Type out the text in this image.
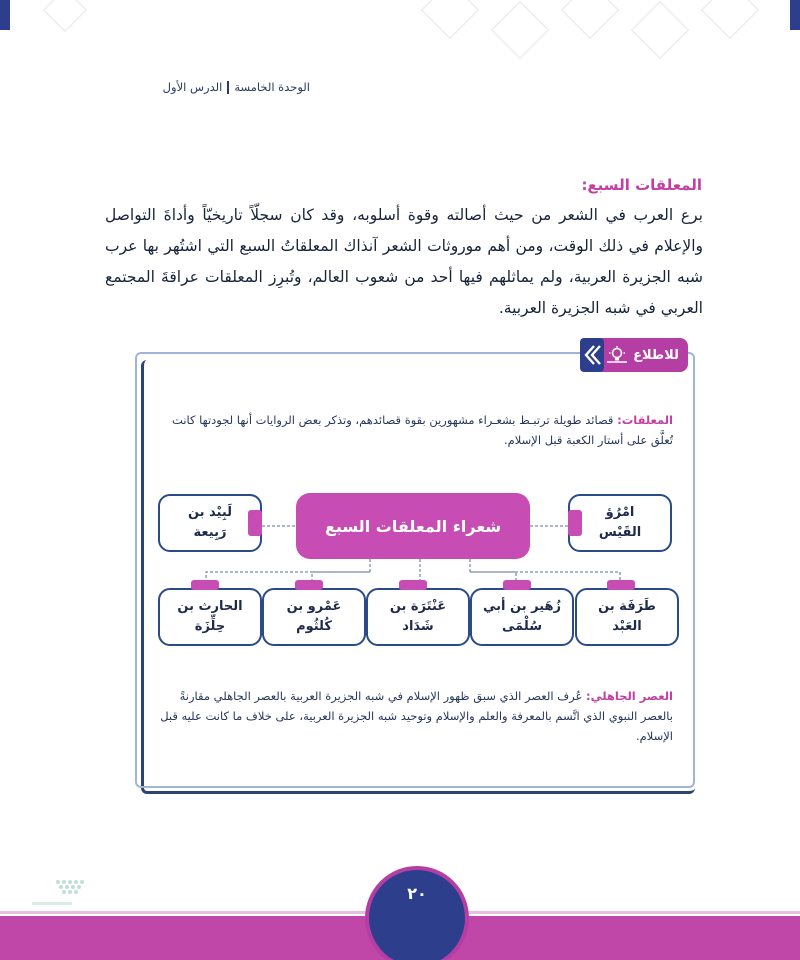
الوحدة الخامسةالدرس الأول
المعلقات السبع:

برع العرب في الشعر من حيث أصالته وقوة أسلوبه، وقد كان سجلّاً تاريخيّاً وأداةَ التواصل والإعلام في ذلك الوقت، ومن أهم موروثات الشعر آنذاك المعلقاتُ السبع التي اشتُهر بها عرب شبه الجزيرة العربية، ولم يماثلهم فيها أحد من شعوب العالم، وتُبرِز المعلقات عراقةَ المجتمع العربي في شبه الجزيرة العربية.

للاطلاع

المعلقات: قصائد طويلة ترتبـط بشعـراء مشهورين بقوة قصائدهم، وتذكر بعض الروايات أنها لجودتها كانت تُعلَّق على أستار الكعبة قبل الإسلام.

شعراء المعلقات السبع
امْرُؤ
القَيْس
لَبِيْد بن
رَبِيعة
طَرَفَة بن
العَبْد
زُهَير بن أبي
سُلْمَى
عَنْتَرَة بن
شَدَاد
عَمْرو بن
كُلثُوم
الحارث بن
حِلِّزَة

العصر الجاهلي: عُرف العصر الذي سبق ظهور الإسلام في شبه الجزيرة العربية بالعصر الجاهلي مقارنةً بالعصر النبوي الذي اتَّسم بالمعرفة والعلم والإسلام وتوحيد شبه الجزيرة العربية، على خلاف ما كانت عليه قبل الإسلام.

٢٠
